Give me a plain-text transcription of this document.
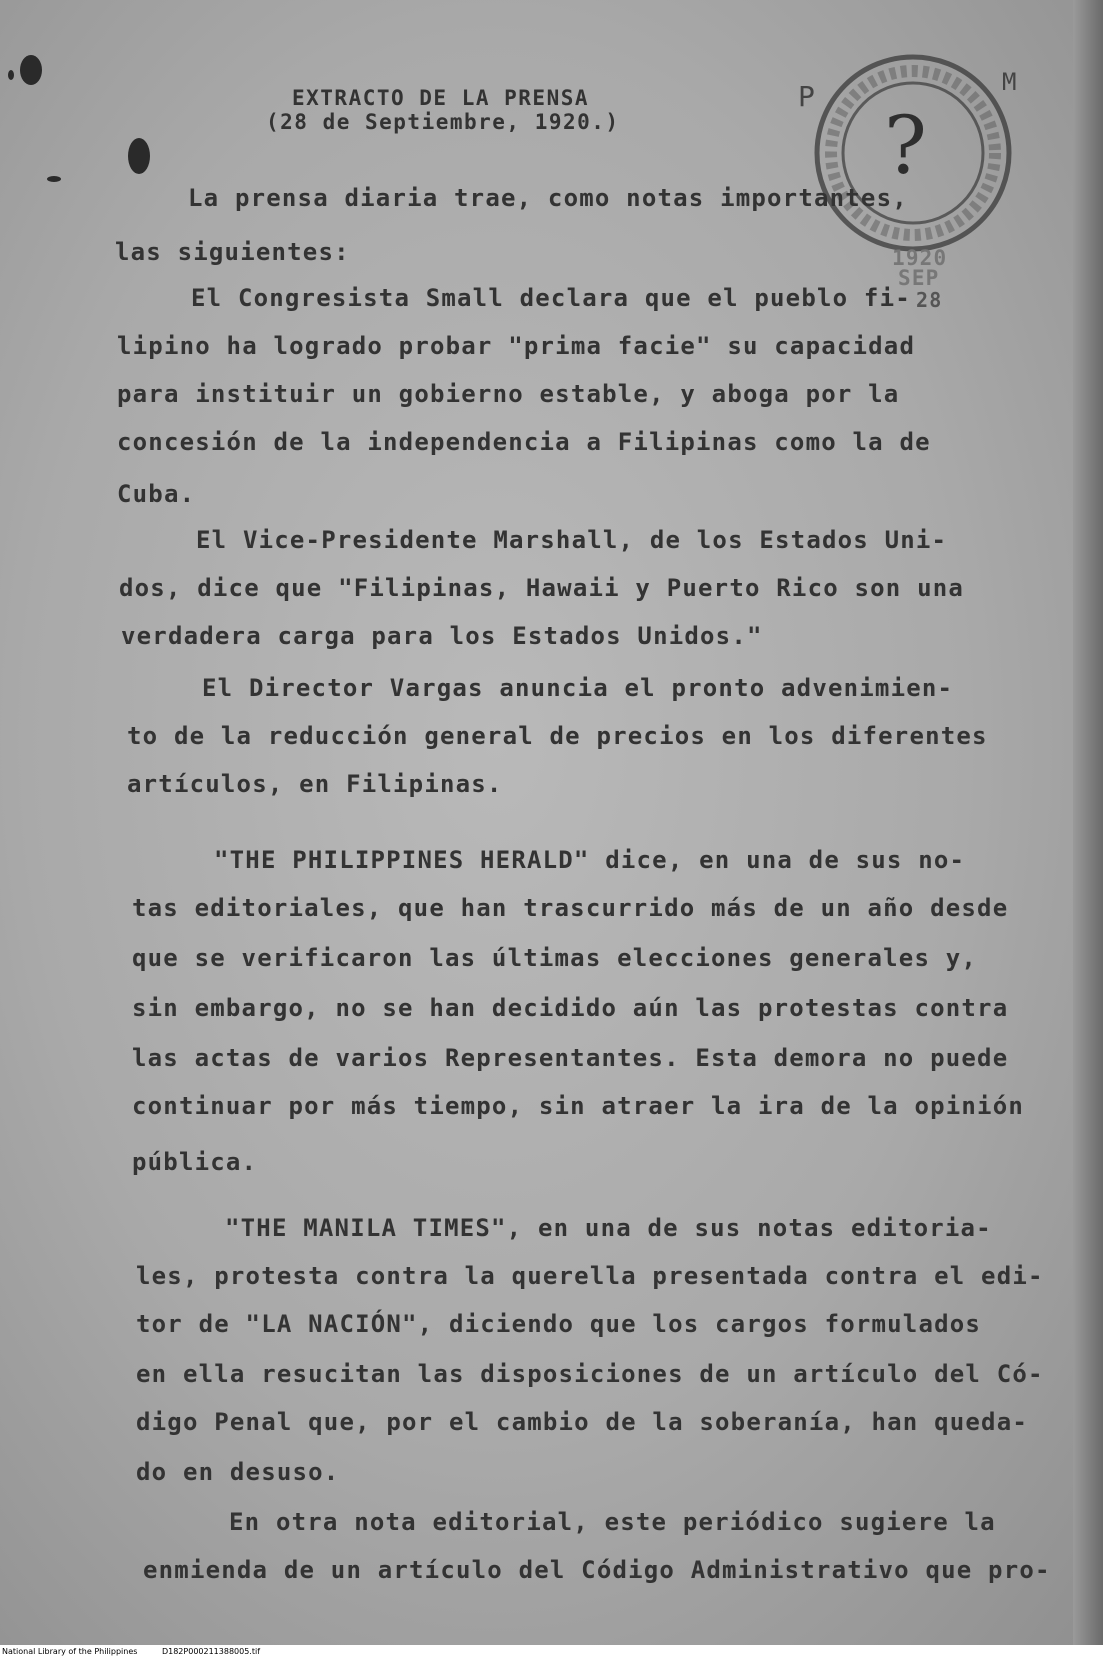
EXTRACTO DE LA PRENSA
(28 de Septiembre, 1920.)	?
P	M
1920
SEP
28
La prensa diaria trae, como notas importantes,
las siguientes:
El Congresista Small declara que el pueblo fi-
lipino ha logrado probar "prima facie" su capacidad
para instituir un gobierno estable, y aboga por la
concesión de la independencia a Filipinas como la de
Cuba.
El Vice-Presidente Marshall, de los Estados Uni-
dos, dice que "Filipinas, Hawaii y Puerto Rico son una
verdadera carga para los Estados Unidos."
El Director Vargas anuncia el pronto advenimien-
to de la reducción general de precios en los diferentes
artículos, en Filipinas.
"THE PHILIPPINES HERALD" dice, en una de sus no-
tas editoriales, que han trascurrido más de un año desde
que se verificaron las últimas elecciones generales y,
sin embargo, no se han decidido aún las protestas contra
las actas de varios Representantes. Esta demora no puede
continuar por más tiempo, sin atraer la ira de la opinión
pública.
"THE MANILA TIMES", en una de sus notas editoria-
les, protesta contra la querella presentada contra el edi-
tor de "LA NACIÓN", diciendo que los cargos formulados
en ella resucitan las disposiciones de un artículo del Có-
digo Penal que, por el cambio de la soberanía, han queda-
do en desuso.
En otra nota editorial, este periódico sugiere la
enmienda de un artículo del Código Administrativo que pro-
National Library of the Philippines	D182P000211388005.tif
